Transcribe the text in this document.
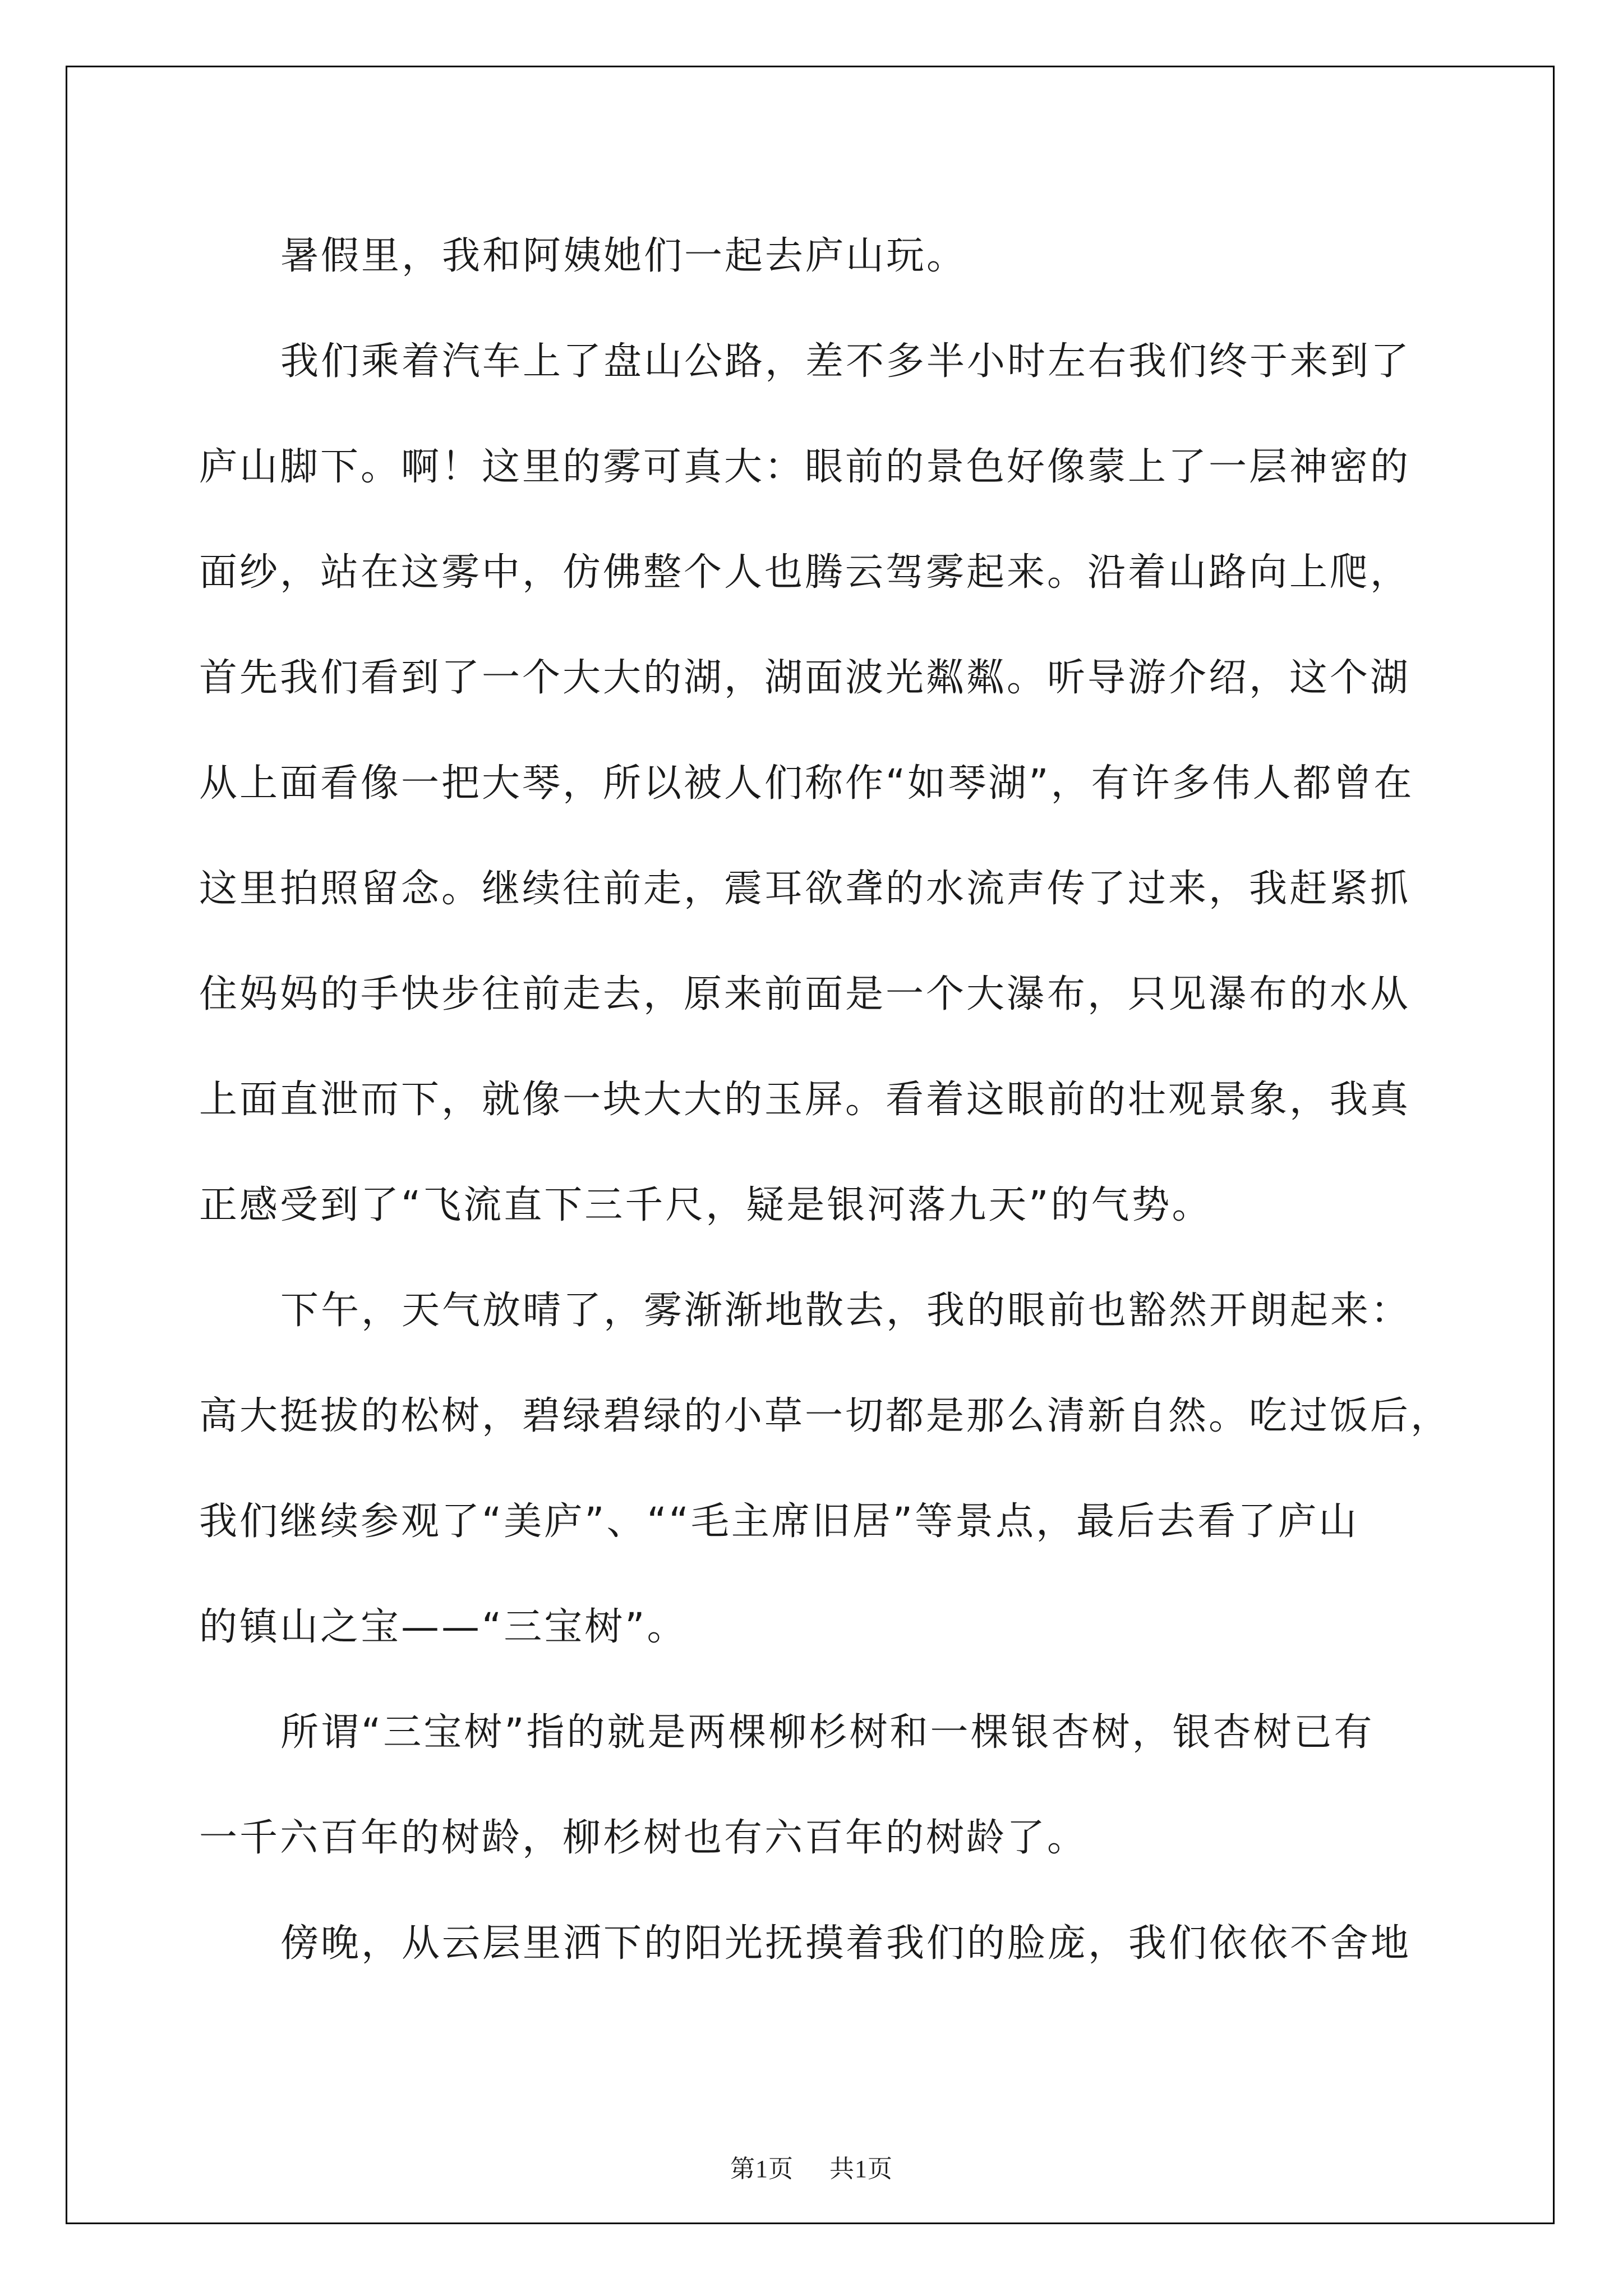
暑假里，我和阿姨她们一起去庐山玩。
我们乘着汽车上了盘山公路，差不多半小时左右我们终于来到了
庐山脚下。啊！这里的雾可真大：眼前的景色好像蒙上了一层神密的
面纱，站在这雾中，仿佛整个人也腾云驾雾起来。沿着山路向上爬，
首先我们看到了一个大大的湖，湖面波光粼粼。听导游介绍，这个湖
从上面看像一把大琴，所以被人们称作“如琴湖”，有许多伟人都曾在
这里拍照留念。继续往前走，震耳欲聋的水流声传了过来，我赶紧抓
住妈妈的手快步往前走去，原来前面是一个大瀑布，只见瀑布的水从
上面直泄而下，就像一块大大的玉屏。看着这眼前的壮观景象，我真
正感受到了“飞流直下三千尺，疑是银河落九天”的气势。
下午，天气放晴了，雾渐渐地散去，我的眼前也豁然开朗起来：
高大挺拔的松树，碧绿碧绿的小草一切都是那么清新自然。吃过饭后，
我们继续参观了“美庐”、““毛主席旧居”等景点，最后去看了庐山
的镇山之宝——“三宝树”。
所谓“三宝树”指的就是两棵柳杉树和一棵银杏树，银杏树已有
一千六百年的树龄，柳杉树也有六百年的树龄了。
傍晚，从云层里洒下的阳光抚摸着我们的脸庞，我们依依不舍地
第1页 共1页
